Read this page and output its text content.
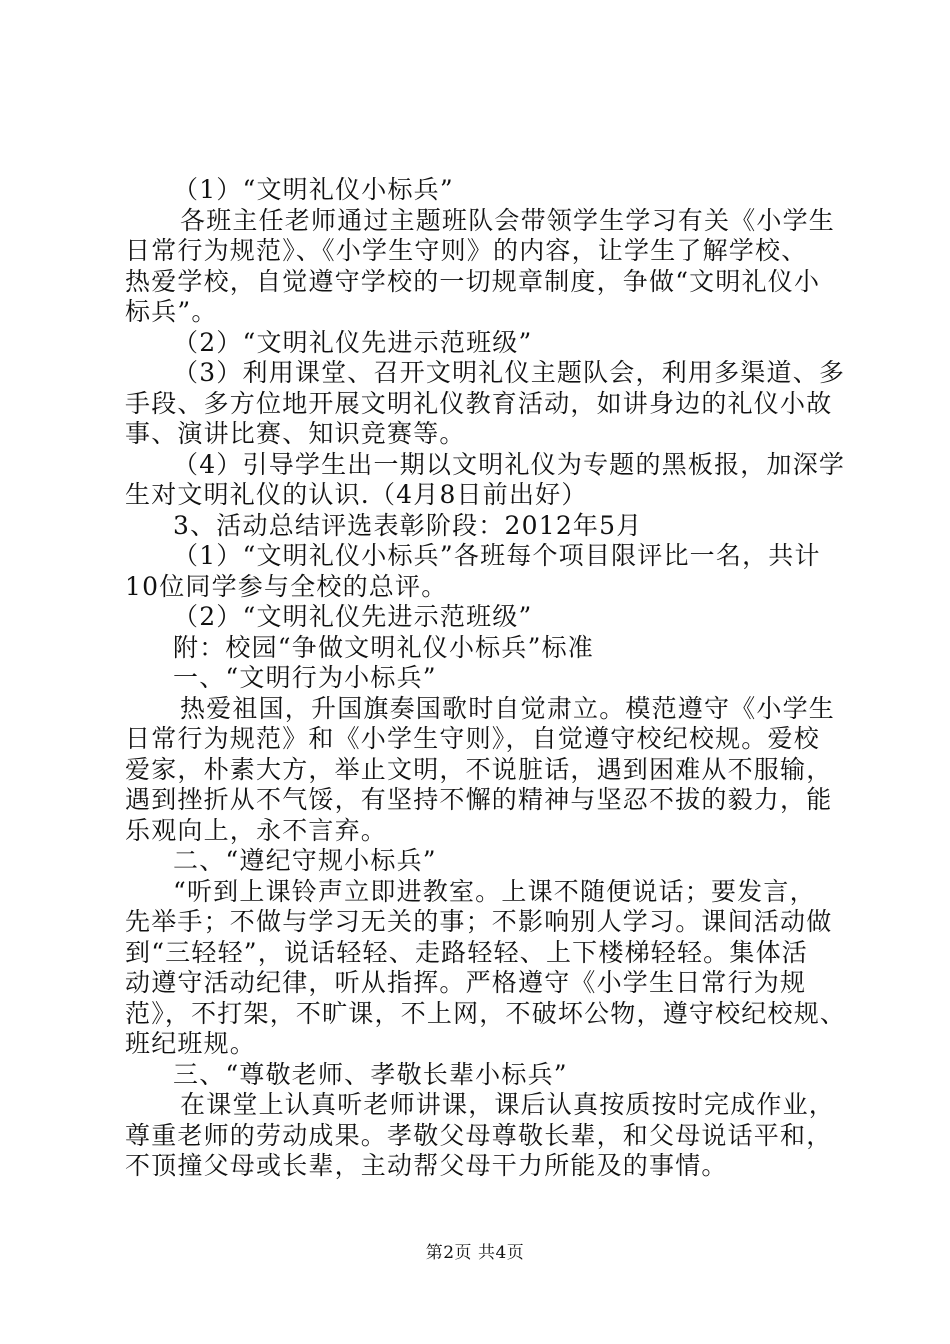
（1）“文明礼仪小标兵”
各班主任老师通过主题班队会带领学生学习有关《小学生
日常行为规范》、《小学生守则》的内容，让学生了解学校、
热爱学校，自觉遵守学校的一切规章制度，争做“文明礼仪小
标兵”。
（2）“文明礼仪先进示范班级”
（3）利用课堂、召开文明礼仪主题队会，利用多渠道、多
手段、多方位地开展文明礼仪教育活动，如讲身边的礼仪小故
事、演讲比赛、知识竞赛等。
（4）引导学生出一期以文明礼仪为专题的黑板报，加深学
生对文明礼仪的认识.（4月8日前出好）
3、活动总结评选表彰阶段：2012年5月
（1）“文明礼仪小标兵”各班每个项目限评比一名，共计
10位同学参与全校的总评。
（2）“文明礼仪先进示范班级”
附：校园“争做文明礼仪小标兵”标准
一、“文明行为小标兵”
热爱祖国，升国旗奏国歌时自觉肃立。模范遵守《小学生
日常行为规范》和《小学生守则》，自觉遵守校纪校规。爱校
爱家，朴素大方，举止文明，不说脏话，遇到困难从不服输，
遇到挫折从不气馁，有坚持不懈的精神与坚忍不拔的毅力，能
乐观向上，永不言弃。
二、“遵纪守规小标兵”
“听到上课铃声立即进教室。上课不随便说话；要发言，
先举手；不做与学习无关的事；不影响别人学习。课间活动做
到“三轻轻”，说话轻轻、走路轻轻、上下楼梯轻轻。集体活
动遵守活动纪律，听从指挥。严格遵守《小学生日常行为规
范》，不打架，不旷课，不上网，不破坏公物，遵守校纪校规、
班纪班规。
三、“尊敬老师、孝敬长辈小标兵”
在课堂上认真听老师讲课，课后认真按质按时完成作业，
尊重老师的劳动成果。孝敬父母尊敬长辈，和父母说话平和，
第2页 共4页
不顶撞父母或长辈，主动帮父母干力所能及的事情。
